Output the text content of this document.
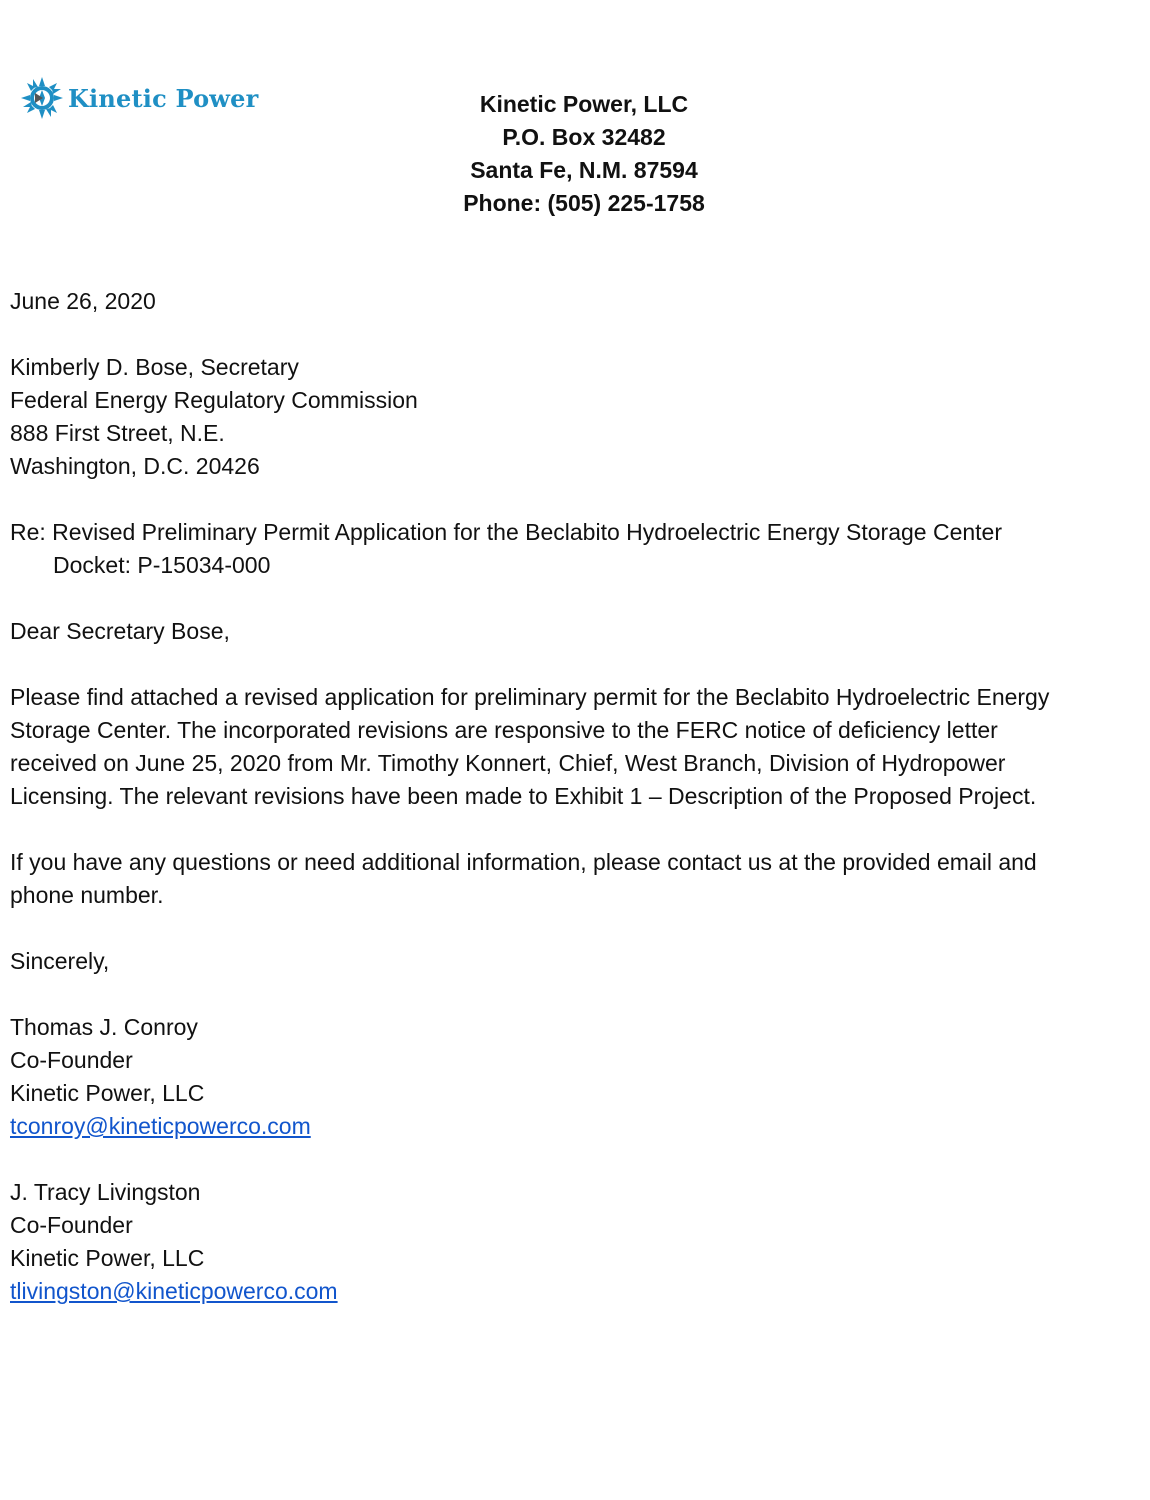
Kinetic Power	Kinetic Power, LLC
P.O. Box 32482
Santa Fe, N.M. 87594
Phone: (505) 225-1758
June 26, 2020
Kimberly D. Bose, Secretary
Federal Energy Regulatory Commission
888 First Street, N.E.
Washington, D.C. 20426
Re: Revised Preliminary Permit Application for the Beclabito Hydroelectric Energy Storage Center
Docket: P-15034-000
Dear Secretary Bose,
Please find attached a revised application for preliminary permit for the Beclabito Hydroelectric Energy
Storage Center. The incorporated revisions are responsive to the FERC notice of deficiency letter
received on June 25, 2020 from Mr. Timothy Konnert, Chief, West Branch, Division of Hydropower
Licensing. The relevant revisions have been made to Exhibit 1 – Description of the Proposed Project.
If you have any questions or need additional information, please contact us at the provided email and
phone number.
Sincerely,
Thomas J. Conroy
Co-Founder
Kinetic Power, LLC
tconroy@kineticpowerco.com
J. Tracy Livingston
Co-Founder
Kinetic Power, LLC
tlivingston@kineticpowerco.com
